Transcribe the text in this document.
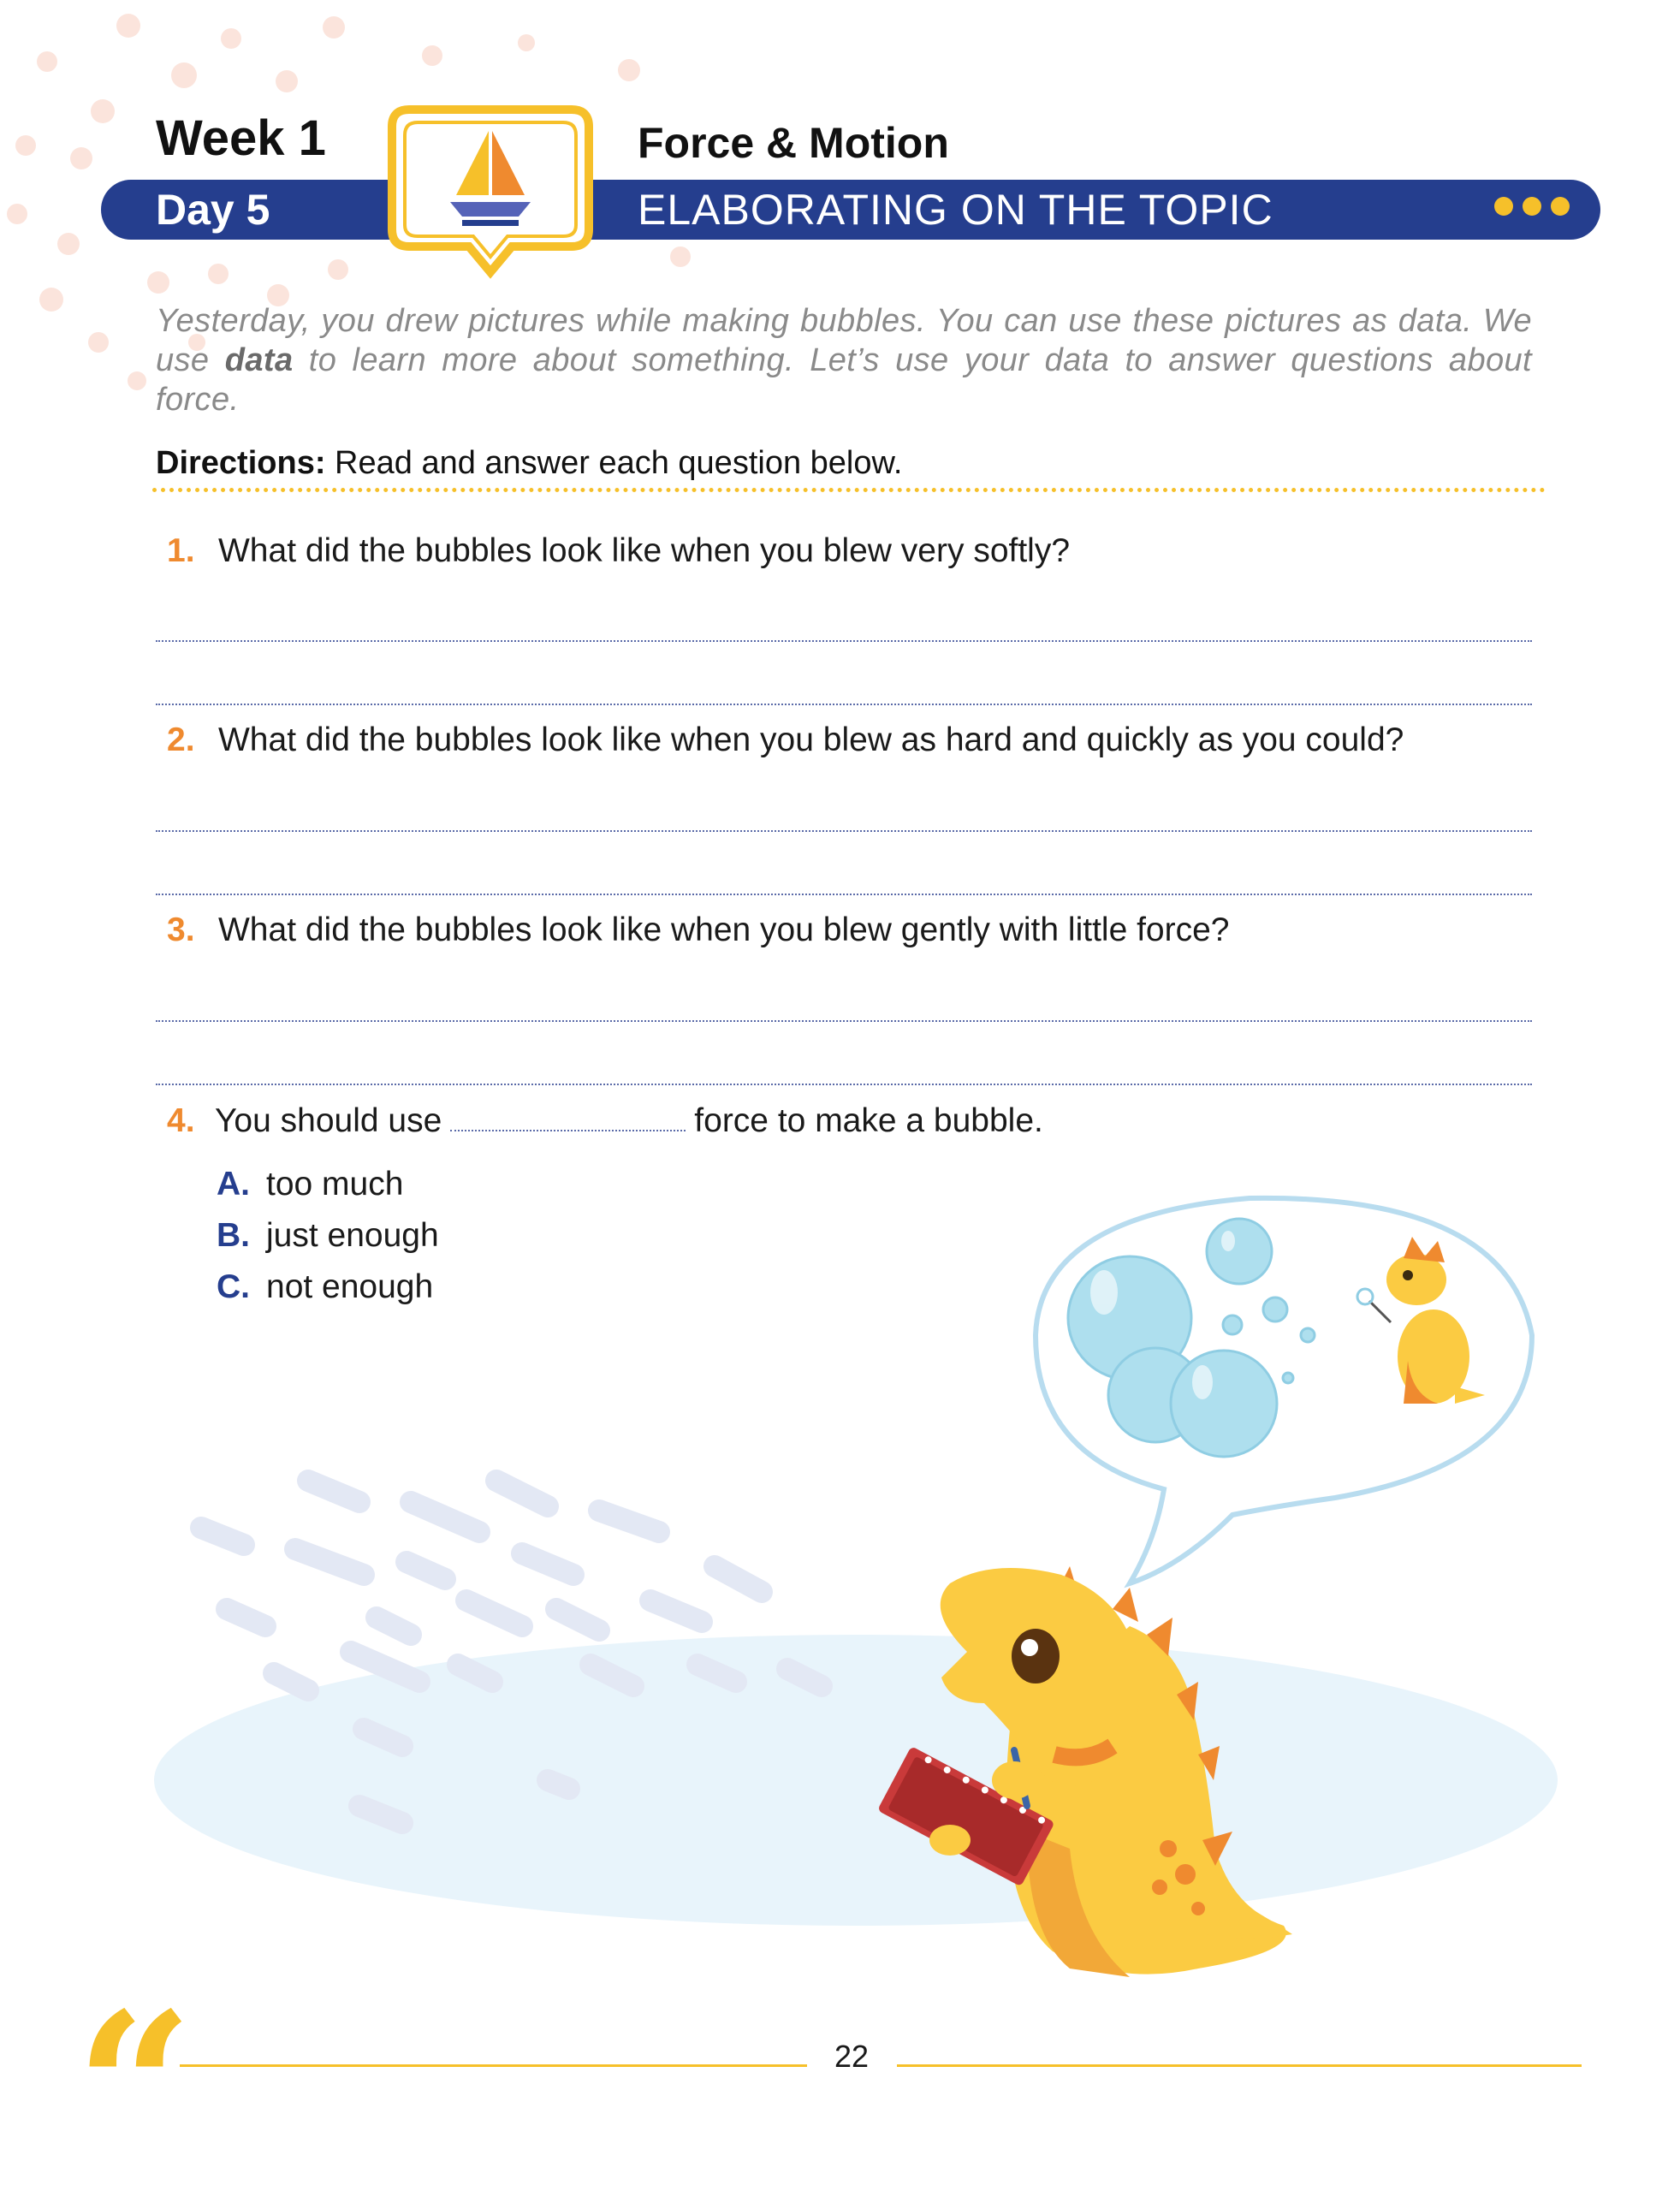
Week 1	Force & Motion
Day 5	ELABORATING ON THE TOPIC
Yesterday, you drew pictures while making bubbles. You can use these pictures as data. We use data to learn more about something. Let’s use your data to answer questions about force.
Directions: Read and answer each question below.
1. What did the bubbles look like when you blew very softly?
2. What did the bubbles look like when you blew as hard and quickly as you could?
3. What did the bubbles look like when you blew gently with little force?
4. You should use	force to make a bubble.
A. too much
B. just enough
C. not enough
“	22
